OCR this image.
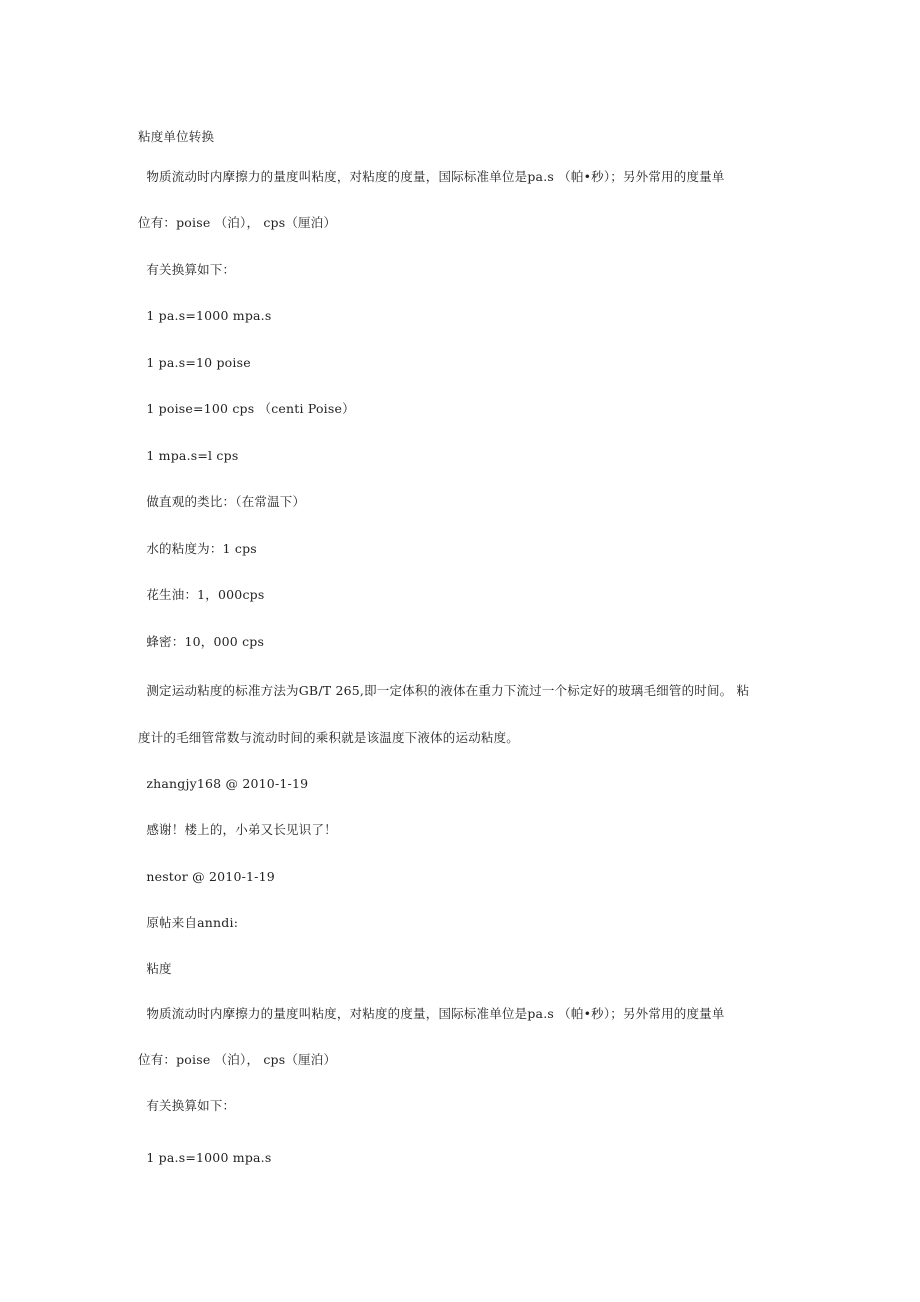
粘度单位转换
物质流动时内摩擦力的量度叫粘度，对粘度的度量，国际标准单位是pa.s （帕•秒）；另外常用的度量单
位有：poise （泊）， cps（厘泊）
有关换算如下：
1 pa.s=1000 mpa.s
1 pa.s=10 poise
1 poise=100 cps （centi Poise）
1 mpa.s=l cps
做直观的类比：（在常温下）
水的粘度为：1 cps
花生油：1，000cps
蜂密：10，000 cps
测定运动粘度的标准方法为GB/T 265,即一定体积的液体在重力下流过一个标定好的玻璃毛细管的时间。 粘
度计的毛细管常数与流动时间的乘积就是该温度下液体的运动粘度。
zhangjy168 @ 2010-1-19
感谢！楼上的，小弟又长见识了！
nestor @ 2010-1-19
原帖来自anndi:
粘度
物质流动时内摩擦力的量度叫粘度，对粘度的度量，国际标准单位是pa.s （帕•秒）；另外常用的度量单
位有：poise （泊）， cps（厘泊）
有关换算如下：
1 pa.s=1000 mpa.s
